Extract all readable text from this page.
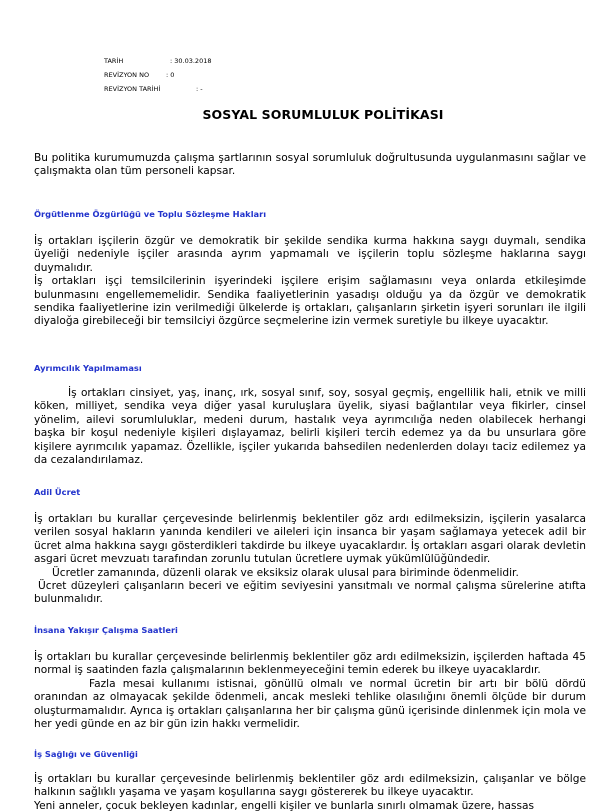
TARİH	: 30.03.2018
REVİZYON NO	: 0
REVİZYON TARİHİ	: -
SOSYAL SORUMLULUK POLİTİKASI

Bu politika kurumumuzda çalışma şartlarının sosyal sorumluluk doğrultusunda uygulanmasını sağlar ve çalışmakta olan tüm personeli kapsar.

Örgütlenme Özgürlüğü ve Toplu Sözleşme Hakları

İş ortakları işçilerin özgür ve demokratik bir şekilde sendika kurma hakkına saygı duymalı, sendika üyeliği nedeniyle işçiler arasında ayrım yapmamalı ve işçilerin toplu sözleşme haklarına saygı duymalıdır.

İş ortakları işçi temsilcilerinin işyerindeki işçilere erişim sağlamasını veya onlarda etkileşimde bulunmasını engellememelidir. Sendika faaliyetlerinin yasadışı olduğu ya da özgür ve demokratik sendika faaliyetlerine izin verilmediği ülkelerde iş ortakları, çalışanların şirketin işyeri sorunları ile ilgili diyaloğa girebileceği bir temsilciyi özgürce seçmelerine izin vermek suretiyle bu ilkeye uyacaktır.

Ayrımcılık Yapılmaması

İş ortakları cinsiyet, yaş, inanç, ırk, sosyal sınıf, soy, sosyal geçmiş, engellilik hali, etnik ve milli köken, milliyet, sendika veya diğer yasal kuruluşlara üyelik, siyasi bağlantılar veya fikirler, cinsel yönelim, ailevi sorumluluklar, medeni durum, hastalık veya ayrımcılığa neden olabilecek herhangi başka bir koşul nedeniyle kişileri dışlayamaz, belirli kişileri tercih edemez ya da bu unsurlara göre kişilere ayrımcılık yapamaz. Özellikle, işçiler yukarıda bahsedilen nedenlerden dolayı taciz edilemez ya da cezalandırılamaz.

Adil Ücret

İş ortakları bu kurallar çerçevesinde belirlenmiş beklentiler göz ardı edilmeksizin, işçilerin yasalarca verilen sosyal hakların yanında kendileri ve aileleri için insanca bir yaşam sağlamaya yetecek adil bir ücret alma hakkına saygı gösterdikleri takdirde bu ilkeye uyacaklardır. İş ortakları asgari olarak devletin asgari ücret mevzuatı tarafından zorunlu tutulan ücretlere uymak yükümlülüğündedir.

Ücretler zamanında, düzenli olarak ve eksiksiz olarak ulusal para biriminde ödenmelidir.

Ücret düzeyleri çalışanların beceri ve eğitim seviyesini yansıtmalı ve normal çalışma sürelerine atıfta bulunmalıdır.

İnsana Yakışır Çalışma Saatleri

İş ortakları bu kurallar çerçevesinde belirlenmiş beklentiler göz ardı edilmeksizin, işçilerden haftada 45 normal iş saatinden fazla çalışmalarının beklenmeyeceğini temin ederek bu ilkeye uyacaklardır.

Fazla mesai kullanımı istisnai, gönüllü olmalı ve normal ücretin bir artı bir bölü dördü oranından az olmayacak şekilde ödenmeli, ancak mesleki tehlike olasılığını önemli ölçüde bir durum oluşturmamalıdır. Ayrıca iş ortakları çalışanlarına her bir çalışma günü içerisinde dinlenmek için mola ve her yedi günde en az bir gün izin hakkı vermelidir.

İş Sağlığı ve Güvenliği

İş ortakları bu kurallar çerçevesinde belirlenmiş beklentiler göz ardı edilmeksizin, çalışanlar ve bölge halkının sağlıklı yaşama ve yaşam koşullarına saygı göstererek bu ilkeye uyacaktır.

Yeni anneler, çocuk bekleyen kadınlar, engelli kişiler ve bunlarla sınırlı olmamak üzere, hassas
